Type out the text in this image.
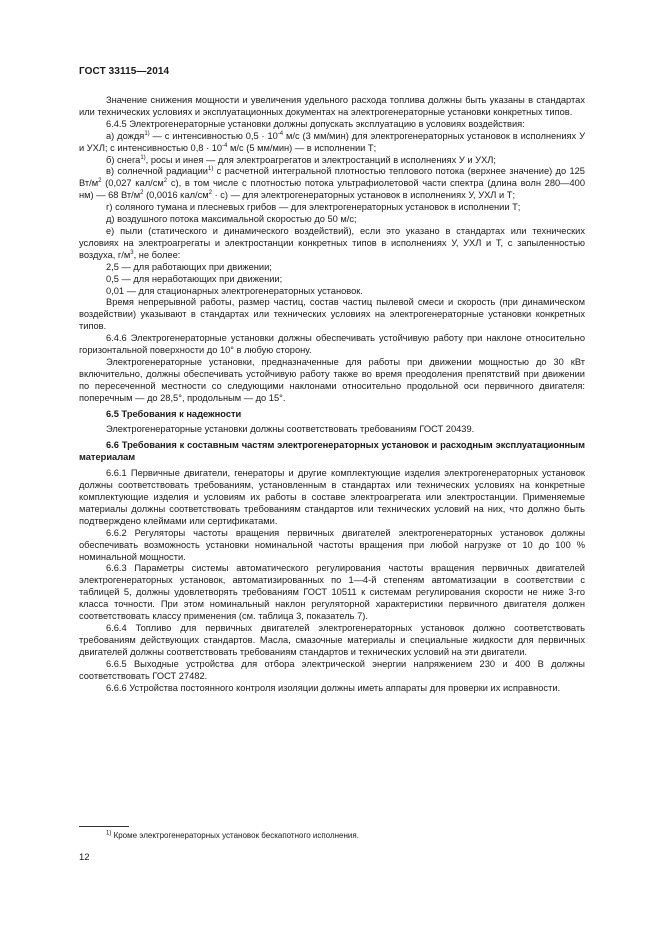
ГОСТ 33115—2014

Значение снижения мощности и увеличения удельного расхода топлива должны быть указаны в стандартах или технических условиях и эксплуатационных документах на электрогенераторные установки конкретных типов.

6.4.5 Электрогенераторные установки должны допускать эксплуатацию в условиях воздействия:

а) дождя$^{1)}$ — с интенсивностью $0,5 \cdot 10^{-4}$ м/с (3 мм/мин) для электрогенераторных установок в исполнениях У и УХЛ; с интенсивностью $0,8 \cdot 10^{-4}$ м/с (5 мм/мин) — в исполнении Т;

б) снега$^{1)}$, росы и инея — для электроагрегатов и электростанций в исполнениях У и УХЛ;

в) солнечной радиации$^{1)}$ с расчетной интегральной плотностью теплового потока (верхнее значение) до 125 $Вт/м^2$ (0,027 кал/$см^2$ с), в том числе с плотностью потока ультрафиолетовой части спектра (длина волн 280—400 нм) — 68 $Вт/м^2$ (0,0016 кал/$см^2 \cdot с$) — для электрогенераторных установок в исполнениях У, УХЛ и Т;

г) соляного тумана и плесневых грибов — для электрогенераторных установок в исполнении Т;

д) воздушного потока максимальной скоростью до 50 м/с;

е) пыли (статического и динамического воздействий), если это указано в стандартах или технических условиях на электроагрегаты и электростанции конкретных типов в исполнениях У, УХЛ и Т, с запыленностью воздуха, $г/м^3$, не более:

2,5 — для работающих при движении;

0,5 — для неработающих при движении;

0,01 — для стационарных электрогенераторных установок.

Время непрерывной работы, размер частиц, состав частиц пылевой смеси и скорость (при динамическом воздействии) указывают в стандартах или технических условиях на электрогенераторные установки конкретных типов.

6.4.6 Электрогенераторные установки должны обеспечивать устойчивую работу при наклоне относительно горизонтальной поверхности до 10° в любую сторону.

Электрогенераторные установки, предназначенные для работы при движении мощностью до 30 кВт включительно, должны обеспечивать устойчивую работу также во время преодоления препятствий при движении по пересеченной местности со следующими наклонами относительно продольной оси первичного двигателя: поперечным — до 28,5°, продольным — до 15°.

6.5 Требования к надежности

Электрогенераторные установки должны соответствовать требованиям ГОСТ 20439.

6.6 Требования к составным частям электрогенераторных установок и расходным эксплуатационным материалам

6.6.1 Первичные двигатели, генераторы и другие комплектующие изделия электрогенераторных установок должны соответствовать требованиям, установленным в стандартах или технических условиях на конкретные комплектующие изделия и условиям их работы в составе электроагрегата или электростанции. Применяемые материалы должны соответствовать требованиям стандартов или технических условий на них, что должно быть подтверждено клеймами или сертификатами.

6.6.2 Регуляторы частоты вращения первичных двигателей электрогенераторных установок должны обеспечивать возможность установки номинальной частоты вращения при любой нагрузке от 10 до 100 % номинальной мощности.

6.6.3 Параметры системы автоматического регулирования частоты вращения первичных двигателей электрогенераторных установок, автоматизированных по 1—4-й степеням автоматизации в соответствии с таблицей 5, должны удовлетворять требованиям ГОСТ 10511 к системам регулирования скорости не ниже 3-го класса точности. При этом номинальный наклон регуляторной характеристики первичного двигателя должен соответствовать классу применения (см. таблица 3, показатель 7).

6.6.4 Топливо для первичных двигателей электрогенераторных установок должно соответствовать требованиям действующих стандартов. Масла, смазочные материалы и специальные жидкости для первичных двигателей должны соответствовать требованиям стандартов и технических условий на эти двигатели.

6.6.5 Выходные устройства для отбора электрической энергии напряжением 230 и 400 В должны соответствовать ГОСТ 27482.

6.6.6 Устройства постоянного контроля изоляции должны иметь аппараты для проверки их исправности.

$^{1)}$ Кроме электрогенераторных установок бескапотного исполнения.
12
